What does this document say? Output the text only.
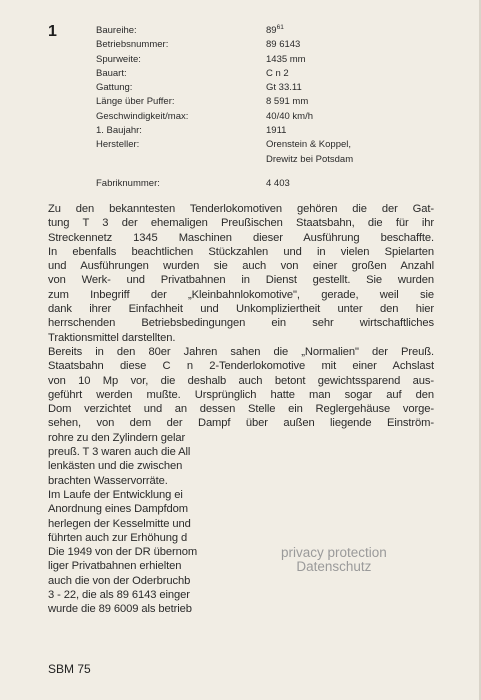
1	Baureihe:	$89^{61}$
Betriebsnummer:	89 6143
Spurweite:	1435 mm
Bauart:	C n 2
Gattung:	Gt 33.11
Länge über Puffer:	8 591 mm
Geschwindigkeit/max:	40/40 km/h
1. Baujahr:	1911
Hersteller:	Orenstein & Koppel,
Drewitz bei Potsdam
Fabriknummer:	4 403
Zu den bekanntesten Tenderlokomotiven gehören die der Gat-
tung T 3 der ehemaligen Preußischen Staatsbahn, die für ihr
Streckennetz 1345 Maschinen dieser Ausführung beschaffte.
In ebenfalls beachtlichen Stückzahlen und in vielen Spielarten
und Ausführungen wurden sie auch von einer großen Anzahl
von Werk- und Privatbahnen in Dienst gestellt. Sie wurden
zum Inbegriff der „Kleinbahnlokomotive", gerade, weil sie
dank ihrer Einfachheit und Unkompliziertheit unter den hier
herrschenden Betriebsbedingungen ein sehr wirtschaftliches
Traktionsmittel darstellten.
Bereits in den 80er Jahren sahen die „Normalien" der Preuß.
Staatsbahn diese C n 2-Tenderlokomotive mit einer Achslast
von 10 Mp vor, die deshalb auch betont gewichtssparend aus-
geführt werden mußte. Ursprünglich hatte man sogar auf den
Dom verzichtet und an dessen Stelle ein Reglergehäuse vorge-
sehen, von dem der Dampf über außen liegende Einström-
rohre zu den Zylindern gelar
preuß. T 3 waren auch die All
lenkästen und die zwischen
brachten Wasservorräte.
Im Laufe der Entwicklung ei
Anordnung eines Dampfdom
herlegen der Kesselmitte und
führten auch zur Erhöhung d
Die 1949 von der DR übernom
liger Privatbahnen erhielten
auch die von der Oderbruchb
3 - 22, die als 89 6143 einger
wurde die 89 6009 als betrieb
privacy protection
Datenschutz
SBM 75
